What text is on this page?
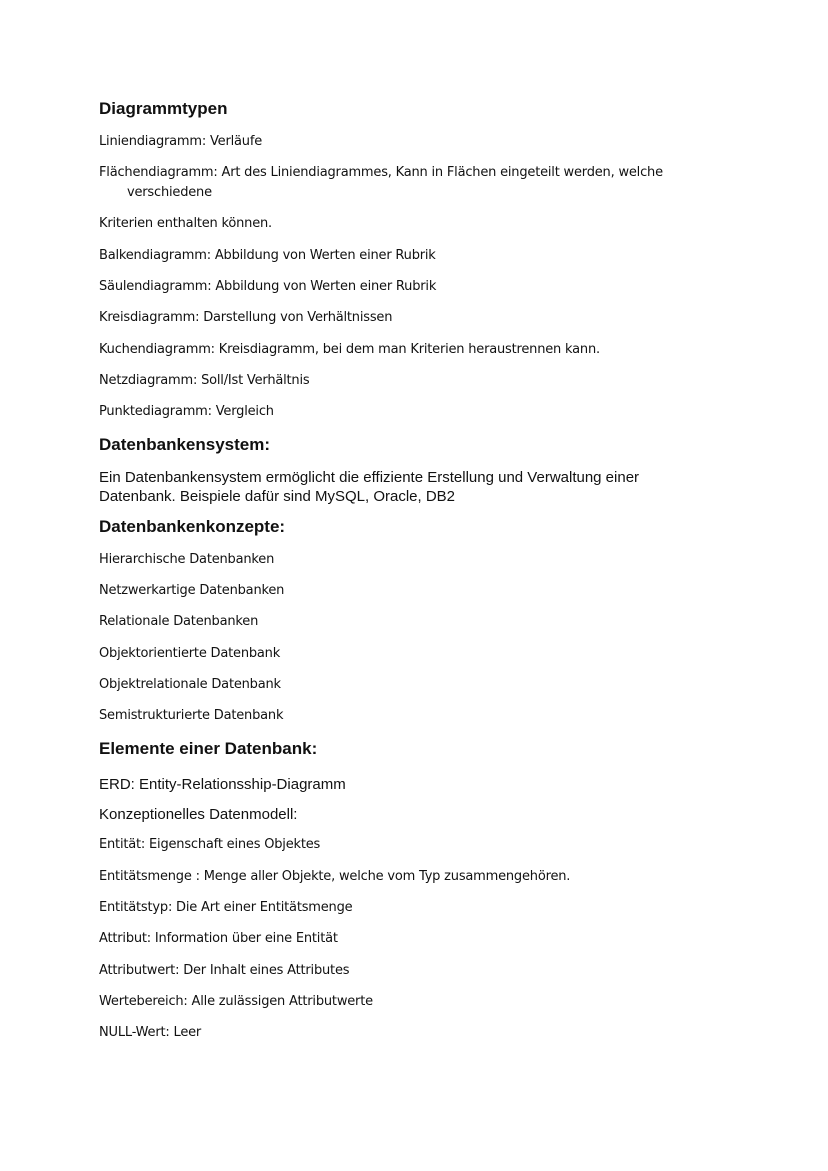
Diagrammtypen
Liniendiagramm: Verläufe
Flächendiagramm: Art des Liniendiagrammes, Kann in Flächen eingeteilt werden, welche
verschiedene
Kriterien enthalten können.
Balkendiagramm: Abbildung von Werten einer Rubrik
Säulendiagramm: Abbildung von Werten einer Rubrik
Kreisdiagramm: Darstellung von Verhältnissen
Kuchendiagramm: Kreisdiagramm, bei dem man Kriterien heraustrennen kann.
Netzdiagramm: Soll/Ist Verhältnis
Punktediagramm: Vergleich
Datenbankensystem:
Ein Datenbankensystem ermöglicht die effiziente Erstellung und Verwaltung einer
Datenbank. Beispiele dafür sind MySQL, Oracle, DB2
Datenbankenkonzepte:
Hierarchische Datenbanken
Netzwerkartige Datenbanken
Relationale Datenbanken
Objektorientierte Datenbank
Objektrelationale Datenbank
Semistrukturierte Datenbank
Elemente einer Datenbank:
ERD: Entity-Relationsship-Diagramm
Konzeptionelles Datenmodell:
Entität: Eigenschaft eines Objektes
Entitätsmenge : Menge aller Objekte, welche vom Typ zusammengehören.
Entitätstyp: Die Art einer Entitätsmenge
Attribut: Information über eine Entität
Attributwert: Der Inhalt eines Attributes
Wertebereich: Alle zulässigen Attributwerte
NULL-Wert: Leer
